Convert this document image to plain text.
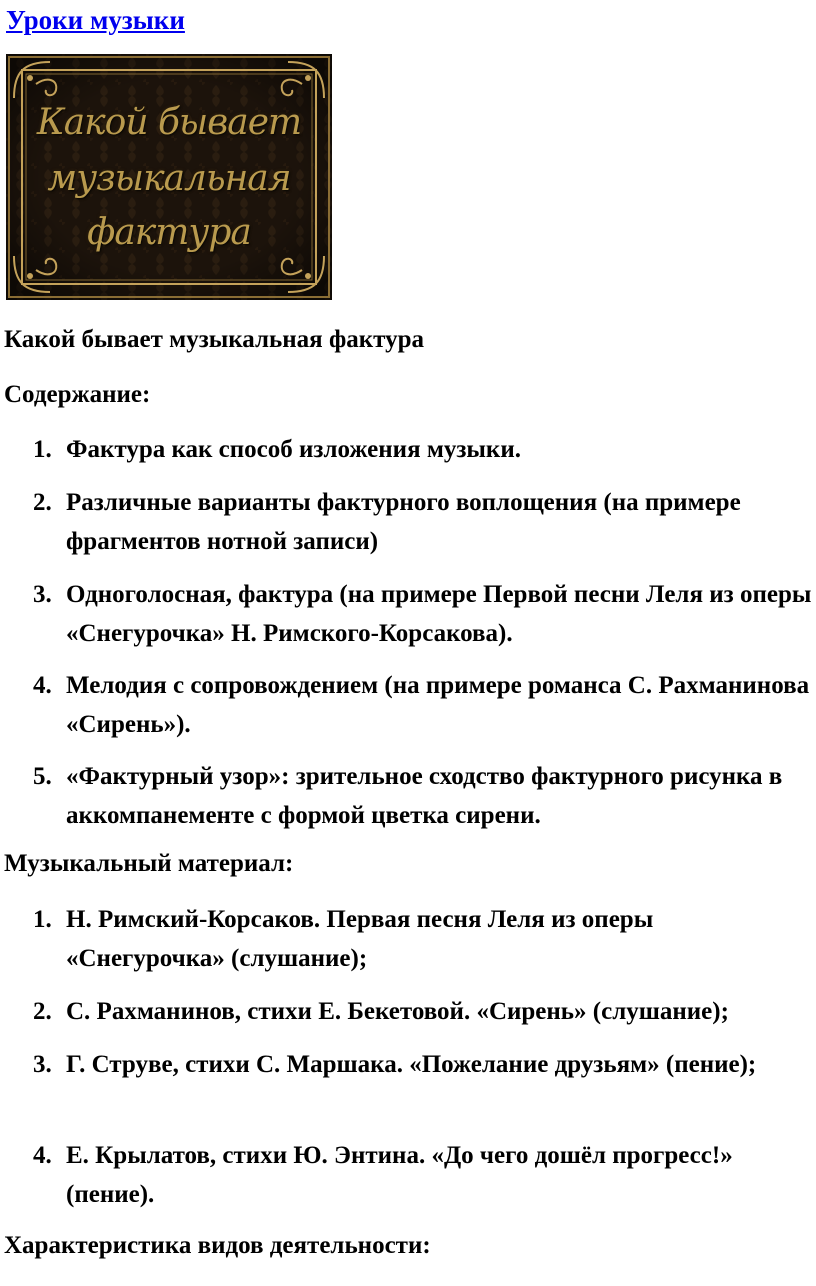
Уроки музыки
Какой бывает
музыкальная
фактура
Какой бывает музыкальная фактура
Содержание:
1. Фактура как способ изложения музыки.
2. Различные варианты фактурного воплощения (на примере фрагментов нотной записи)
3. Одноголосная, фактура (на примере Первой песни Леля из оперы «Снегурочка» Н. Римского-Корсакова).
4. Мелодия с сопровождением (на примере романса С. Рахманинова «Сирень»).
5. «Фактурный узор»: зрительное сходство фактурного рисунка в аккомпанементе с формой цветка сирени.
Музыкальный материал:
1. Н. Римский-Корсаков. Первая песня Леля из оперы «Снегурочка» (слушание);
2. С. Рахманинов, стихи Е. Бекетовой. «Сирень» (слушание);
3. Г. Струве, стихи С. Маршака. «Пожелание друзьям» (пение);
4. Е. Крылатов, стихи Ю. Энтина. «До чего дошёл прогресс!» (пение).
Характеристика видов деятельности:
